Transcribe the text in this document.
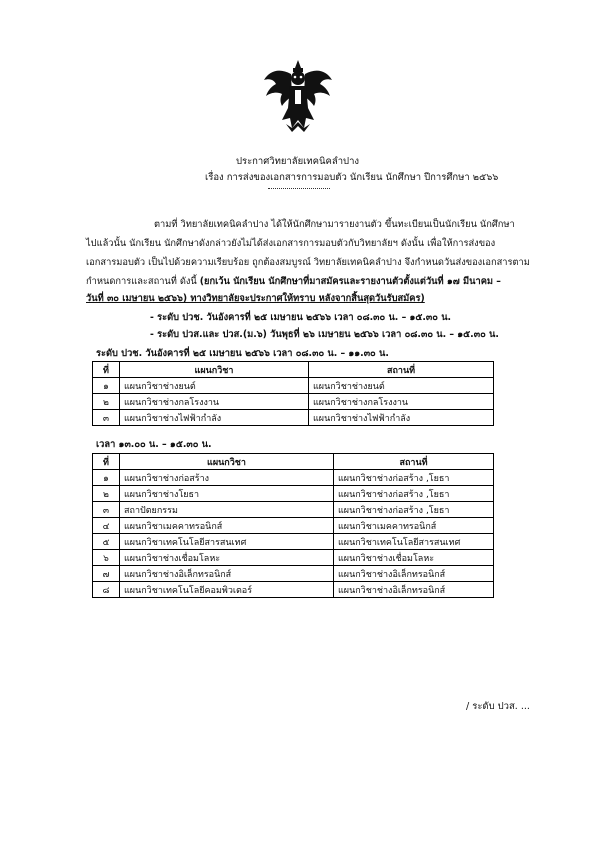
ประกาศวิทยาลัยเทคนิคลำปาง
เรื่อง การส่งของเอกสารการมอบตัว นักเรียน นักศึกษา ปีการศึกษา ๒๕๖๖
ตามที่ วิทยาลัยเทคนิคลำปาง ได้ให้นักศึกษามารายงานตัว ขึ้นทะเบียนเป็นนักเรียน นักศึกษา
ไปแล้วนั้น นักเรียน นักศึกษาดังกล่าวยังไม่ได้ส่งเอกสารการมอบตัวกับวิทยาลัยฯ ดังนั้น เพื่อให้การส่งของ
เอกสารมอบตัว เป็นไปด้วยความเรียบร้อย ถูกต้องสมบูรณ์ วิทยาลัยเทคนิคลำปาง จึงกำหนดวันส่งของเอกสารตาม
กำหนดการและสถานที่ ดังนี้ (ยกเว้น นักเรียน นักศึกษาที่มาสมัครและรายงานตัวตั้งแต่วันที่ ๑๗ มีนาคม –
วันที่ ๓๐ เมษายน ๒๕๖๖) ทางวิทยาลัยจะประกาศให้ทราบ หลังจากสิ้นสุดวันรับสมัคร)
- ระดับ ปวช. วันอังคารที่ ๒๕ เมษายน ๒๕๖๖ เวลา ๐๘.๓๐ น. – ๑๕.๓๐ น.
- ระดับ ปวส.และ ปวส.(ม.๖) วันพุธที่ ๒๖ เมษายน ๒๕๖๖ เวลา ๐๘.๓๐ น. – ๑๕.๓๐ น.
ระดับ ปวช. วันอังคารที่ ๒๕ เมษายน ๒๕๖๖ เวลา ๐๘.๓๐ น. – ๑๑.๓๐ น.
ที่	แผนกวิชา	สถานที่
๑	แผนกวิชาช่างยนต์	แผนกวิชาช่างยนต์
๒	แผนกวิชาช่างกลโรงงาน	แผนกวิชาช่างกลโรงงาน
๓	แผนกวิชาช่างไฟฟ้ากำลัง	แผนกวิชาช่างไฟฟ้ากำลัง
เวลา ๑๓.๐๐ น. – ๑๕.๓๐ น.
ที่	แผนกวิชา	สถานที่
๑	แผนกวิชาช่างก่อสร้าง	แผนกวิชาช่างก่อสร้าง ,โยธา
๒	แผนกวิชาช่างโยธา	แผนกวิชาช่างก่อสร้าง ,โยธา
๓	สถาปัตยกรรม	แผนกวิชาช่างก่อสร้าง ,โยธา
๔	แผนกวิชาเมคคาทรอนิกส์	แผนกวิชาเมคคาทรอนิกส์
๕	แผนกวิชาเทคโนโลยีสารสนเทศ	แผนกวิชาเทคโนโลยีสารสนเทศ
๖	แผนกวิชาช่างเชื่อมโลหะ	แผนกวิชาช่างเชื่อมโลหะ
๗	แผนกวิชาช่างอิเล็กทรอนิกส์	แผนกวิชาช่างอิเล็กทรอนิกส์
๘	แผนกวิชาเทคโนโลยีคอมพิวเตอร์	แผนกวิชาช่างอิเล็กทรอนิกส์
/ ระดับ ปวส. ...
